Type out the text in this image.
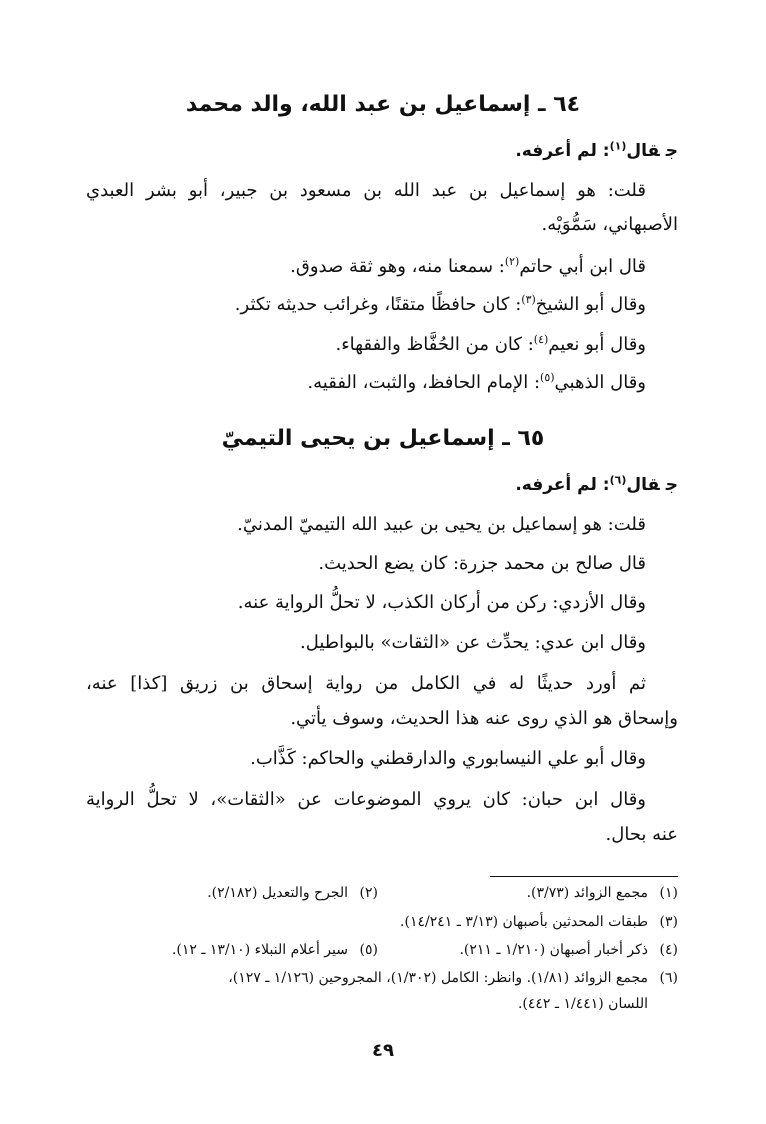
٦٤ ـ إسماعيل بن عبد الله، والد محمد
جقال$^{(١)}$: لم أعرفه.
قلت: هو إسماعيل بن عبد الله بن مسعود بن جبير، أبو بشر العبدي
الأصبهاني، سَمُّوَيْه.
قال ابن أبي حاتم$^{(٢)}$: سمعنا منه، وهو ثقة صدوق.
وقال أبو الشيخ$^{(٣)}$: كان حافظًا متقنًا، وغرائب حديثه تكثر.
وقال أبو نعيم$^{(٤)}$: كان من الحُفَّاظ والفقهاء.
وقال الذهبي$^{(٥)}$: الإمام الحافظ، والثبت، الفقيه.
٦٥ ـ إسماعيل بن يحيى التيميّ
جقال$^{(٦)}$: لم أعرفه.
قلت: هو إسماعيل بن يحيى بن عبيد الله التيميّ المدنيّ.
قال صالح بن محمد جزرة: كان يضع الحديث.
وقال الأزدي: ركن من أركان الكذب، لا تحلُّ الرواية عنه.
وقال ابن عدي: يحدِّث عن «الثقات» بالبواطيل.
ثم أورد حديثًا له في الكامل من رواية إسحاق بن زريق [كذا] عنه،
وإسحاق هو الذي روى عنه هذا الحديث، وسوف يأتي.
وقال أبو علي النيسابوري والدارقطني والحاكم: كَذَّاب.
وقال ابن حبان: كان يروي الموضوعات عن «الثقات»، لا تحلُّ الرواية
عنه بحال.
(١)مجمع الزوائد (٣/٧٣).(٢)الجرح والتعديل (٢/١٨٢).
(٣)طبقات المحدثين بأصبهان (٣/١٣ ـ ١٤/٢٤١).
(٤)ذكر أخبار أصبهان (١/٢١٠ ـ ٢١١).(٥)سير أعلام النبلاء (١٣/١٠ ـ ١٢).
(٦)مجمع الزوائد (١/٨١). وانظر: الكامل (١/٣٠٢)، المجروحين (١/١٢٦ ـ ١٢٧)،
اللسان (١/٤٤١ ـ ٤٤٢).
٤٩
